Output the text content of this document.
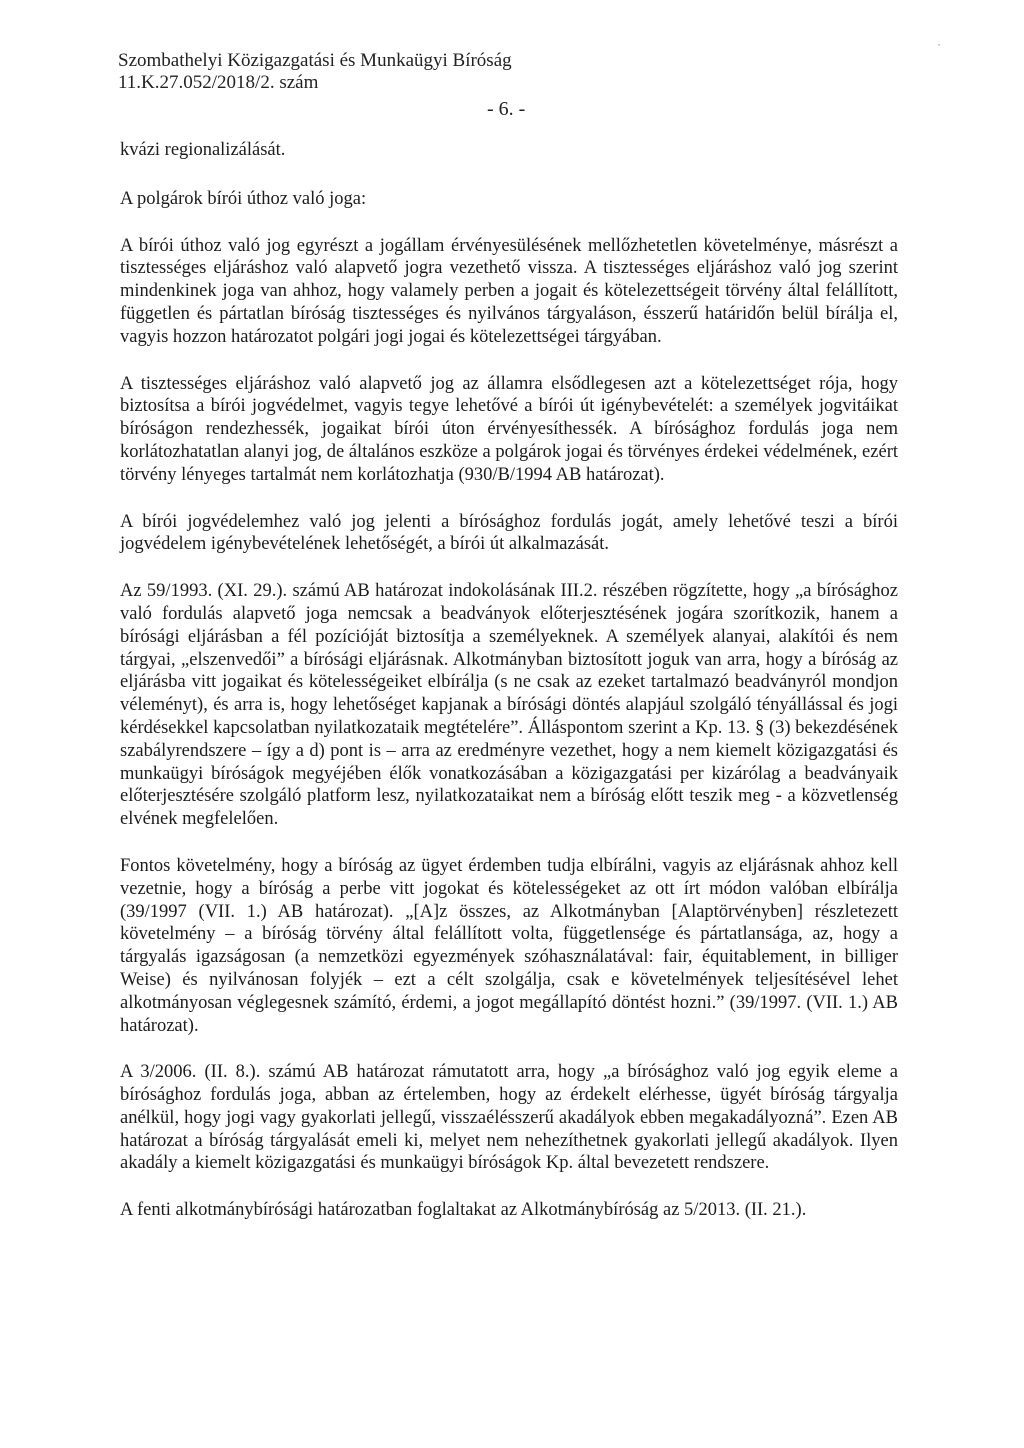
Szombathelyi Közigazgatási és Munkaügyi Bíróság
11.K.27.052/2018/2. szám
- 6. -

kvázi regionalizálását.

A polgárok bírói úthoz való joga:

A bírói úthoz való jog egyrészt a jogállam érvényesülésének mellőzhetetlen követelménye, másrészt a tisztességes eljáráshoz való alapvető jogra vezethető vissza. A tisztességes eljáráshoz való jog szerint mindenkinek joga van ahhoz, hogy valamely perben a jogait és kötelezettségeit törvény által felállított, független és pártatlan bíróság tisztességes és nyilvános tárgyaláson, ésszerű határidőn belül bírálja el, vagyis hozzon határozatot polgári jogi jogai és kötelezettségei tárgyában.

A tisztességes eljáráshoz való alapvető jog az államra elsődlegesen azt a kötelezettséget rója, hogy biztosítsa a bírói jogvédelmet, vagyis tegye lehetővé a bírói út igénybevételét: a személyek jogvitáikat bíróságon rendezhessék, jogaikat bírói úton érvényesíthessék. A bírósághoz fordulás joga nem korlátozhatatlan alanyi jog, de általános eszköze a polgárok jogai és törvényes érdekei védelmének, ezért törvény lényeges tartalmát nem korlátozhatja (930/B/1994 AB határozat).

A bírói jogvédelemhez való jog jelenti a bírósághoz fordulás jogát, amely lehetővé teszi a bírói jogvédelem igénybevételének lehetőségét, a bírói út alkalmazását.

Az 59/1993. (XI. 29.). számú AB határozat indokolásának III.2. részében rögzítette, hogy „a bírósághoz való fordulás alapvető joga nemcsak a beadványok előterjesztésének jogára szorítkozik, hanem a bírósági eljárásban a fél pozícióját biztosítja a személyeknek. A személyek alanyai, alakítói és nem tárgyai, „elszenvedői” a bírósági eljárásnak. Alkotmányban biztosított joguk van arra, hogy a bíróság az eljárásba vitt jogaikat és kötelességeiket elbírálja (s ne csak az ezeket tartalmazó beadványról mondjon véleményt), és arra is, hogy lehetőséget kapjanak a bírósági döntés alapjául szolgáló tényállással és jogi kérdésekkel kapcsolatban nyilatkozataik megtételére”. Álláspontom szerint a Kp. 13. § (3) bekezdésének szabályrendszere – így a d) pont is – arra az eredményre vezethet, hogy a nem kiemelt közigazgatási és munkaügyi bíróságok megyéjében élők vonatkozásában a közigazgatási per kizárólag a beadványaik előterjesztésére szolgáló platform lesz, nyilatkozataikat nem a bíróság előtt teszik meg - a közvetlenség elvének megfelelően.

Fontos követelmény, hogy a bíróság az ügyet érdemben tudja elbírálni, vagyis az eljárásnak ahhoz kell vezetnie, hogy a bíróság a perbe vitt jogokat és kötelességeket az ott írt módon valóban elbírálja (39/1997 (VII. 1.) AB határozat). „[A]z összes, az Alkotmányban [Alaptörvényben] részletezett követelmény – a bíróság törvény által felállított volta, függetlensége és pártatlansága, az, hogy a tárgyalás igazságosan (a nemzetközi egyezmények szóhasználatával: fair, équitablement, in billiger Weise) és nyilvánosan folyjék – ezt a célt szolgálja, csak e követelmények teljesítésével lehet alkotmányosan véglegesnek számító, érdemi, a jogot megállapító döntést hozni.” (39/1997. (VII. 1.) AB határozat).

A 3/2006. (II. 8.). számú AB határozat rámutatott arra, hogy „a bírósághoz való jog egyik eleme a bírósághoz fordulás joga, abban az értelemben, hogy az érdekelt elérhesse, ügyét bíróság tárgyalja anélkül, hogy jogi vagy gyakorlati jellegű, visszaélésszerű akadályok ebben megakadályozná”. Ezen AB határozat a bíróság tárgyalását emeli ki, melyet nem nehezíthetnek gyakorlati jellegű akadályok. Ilyen akadály a kiemelt közigazgatási és munkaügyi bíróságok Kp. által bevezetett rendszere.

A fenti alkotmánybírósági határozatban foglaltakat az Alkotmánybíróság az 5/2013. (II. 21.).
